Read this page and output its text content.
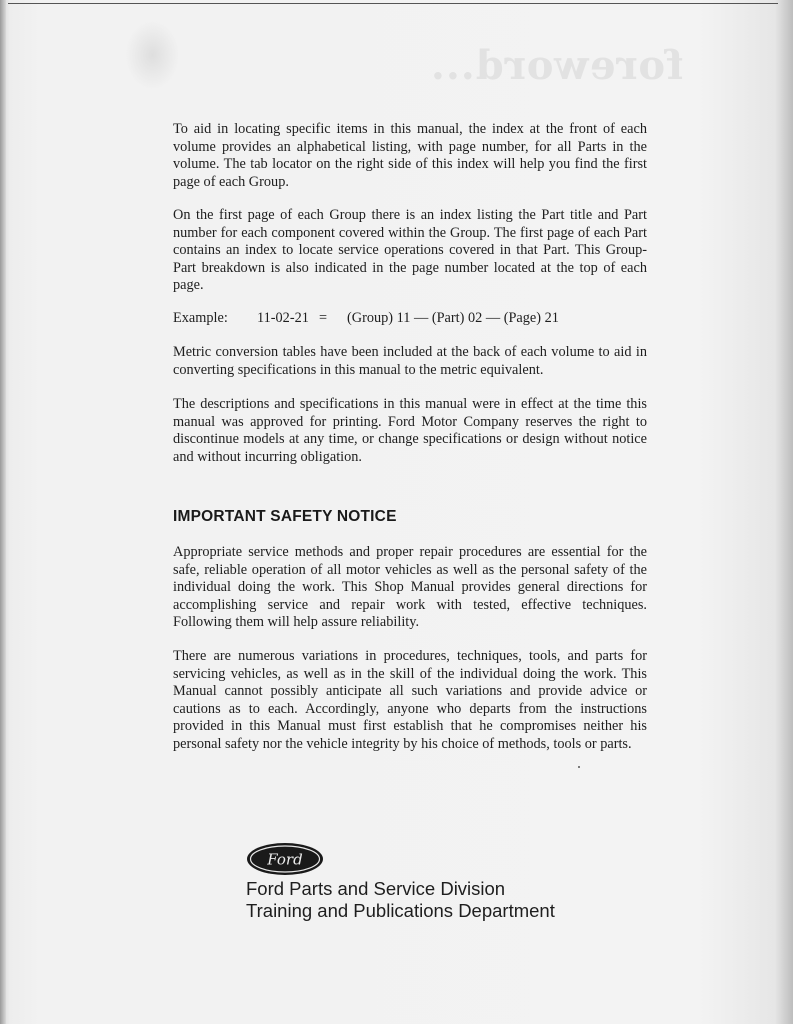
foreword...

To aid in locating specific items in this manual, the index at the front of each volume provides an alphabetical listing, with page number, for all Parts in the volume. The tab locator on the right side of this index will help you find the first page of each Group.

On the first page of each Group there is an index listing the Part title and Part number for each component covered within the Group. The first page of each Part contains an index to locate service operations covered in that Part. This Group-Part breakdown is also indicated in the page number located at the top of each page.

Example: 11-02-21 = (Group) 11 — (Part) 02 — (Page) 21

Metric conversion tables have been included at the back of each volume to aid in converting specifications in this manual to the metric equivalent.

The descriptions and specifications in this manual were in effect at the time this manual was approved for printing. Ford Motor Company reserves the right to discontinue models at any time, or change specifications or design without notice and without incurring obligation.

IMPORTANT SAFETY NOTICE

Appropriate service methods and proper repair procedures are essential for the safe, reliable operation of all motor vehicles as well as the personal safety of the individual doing the work. This Shop Manual provides general directions for accomplishing service and repair work with tested, effective techniques. Following them will help assure reliability.

There are numerous variations in procedures, techniques, tools, and parts for servicing vehicles, as well as in the skill of the individual doing the work. This Manual cannot possibly anticipate all such variations and provide advice or cautions as to each. Accordingly, anyone who departs from the instructions provided in this Manual must first establish that he compromises neither his personal safety nor the vehicle integrity by his choice of methods, tools or parts.

Ford
Ford Parts and Service Division
Training and Publications Department
